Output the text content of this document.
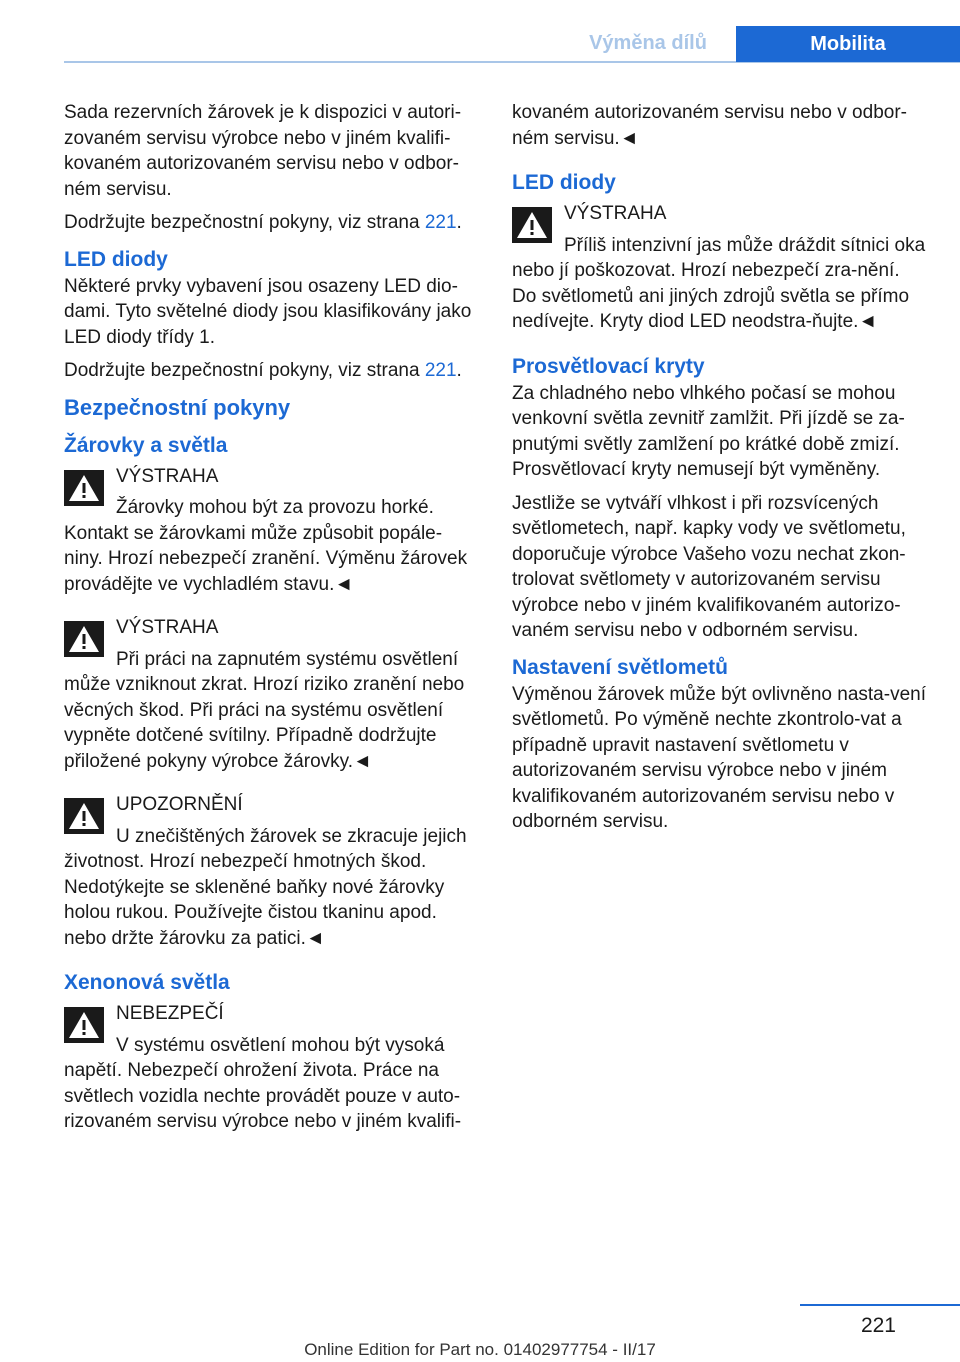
Výměna dílů	Mobilita

Sada rezervních žárovek je k dispozici v autori‐zovaném servisu výrobce nebo v jiném kvalifi‐kovaném autorizovaném servisu nebo v odbor‐ném servisu.

Dodržujte bezpečnostní pokyny, viz strana 221.

LED diody

Některé prvky vybavení jsou osazeny LED dio‐dami. Tyto světelné diody jsou klasifikovány jako LED diody třídy 1.

Dodržujte bezpečnostní pokyny, viz strana 221.

Bezpečnostní pokyny
Žárovky a světla
VÝSTRAHA
Žárovky mohou být za provozu horké. Kontakt se žárovkami může způsobit popále‐niny. Hrozí nebezpečí zranění. Výměnu žárovek provádějte ve vychladlém stavu.◄
VÝSTRAHA
Při práci na zapnutém systému osvětlení může vzniknout zkrat. Hrozí riziko zranění nebo věcných škod. Při práci na systému osvětlení vypněte dotčené svítilny. Případně dodržujte přiložené pokyny výrobce žárovky.◄
UPOZORNĚNÍ
U znečištěných žárovek se zkracuje jejich životnost. Hrozí nebezpečí hmotných škod. Nedotýkejte se skleněné baňky nové žárovky holou rukou. Používejte čistou tkaninu apod. nebo držte žárovku za patici.◄
Xenonová světla
NEBEZPEČÍ
V systému osvětlení mohou být vysoká napětí. Nebezpečí ohrožení života. Práce na světlech vozidla nechte provádět pouze v auto‐rizovaném servisu výrobce nebo v jiném kvalifi‐

kovaném autorizovaném servisu nebo v odbor‐ném servisu.◄

LED diody
VÝSTRAHA
Příliš intenzivní jas může dráždit sítnici oka nebo jí poškozovat. Hrozí nebezpečí zra‐nění. Do světlometů ani jiných zdrojů světla se přímo nedívejte. Kryty diod LED neodstra‐ňujte.◄
Prosvětlovací kryty

Za chladného nebo vlhkého počasí se mohou venkovní světla zevnitř zamlžit. Při jízdě se za‐pnutými světly zamlžení po krátké době zmizí. Prosvětlovací kryty nemusejí být vyměněny.

Jestliže se vytváří vlhkost i při rozsvícených světlometech, např. kapky vody ve světlometu, doporučuje výrobce Vašeho vozu nechat zkon‐trolovat světlomety v autorizovaném servisu výrobce nebo v jiném kvalifikovaném autorizo‐vaném servisu nebo v odborném servisu.

Nastavení světlometů

Výměnou žárovek může být ovlivněno nasta‐vení světlometů. Po výměně nechte zkontrolo‐vat a případně upravit nastavení světlometu v autorizovaném servisu výrobce nebo v jiném kvalifikovaném autorizovaném servisu nebo v odborném servisu.

221
Online Edition for Part no. 01402977754 - II/17
